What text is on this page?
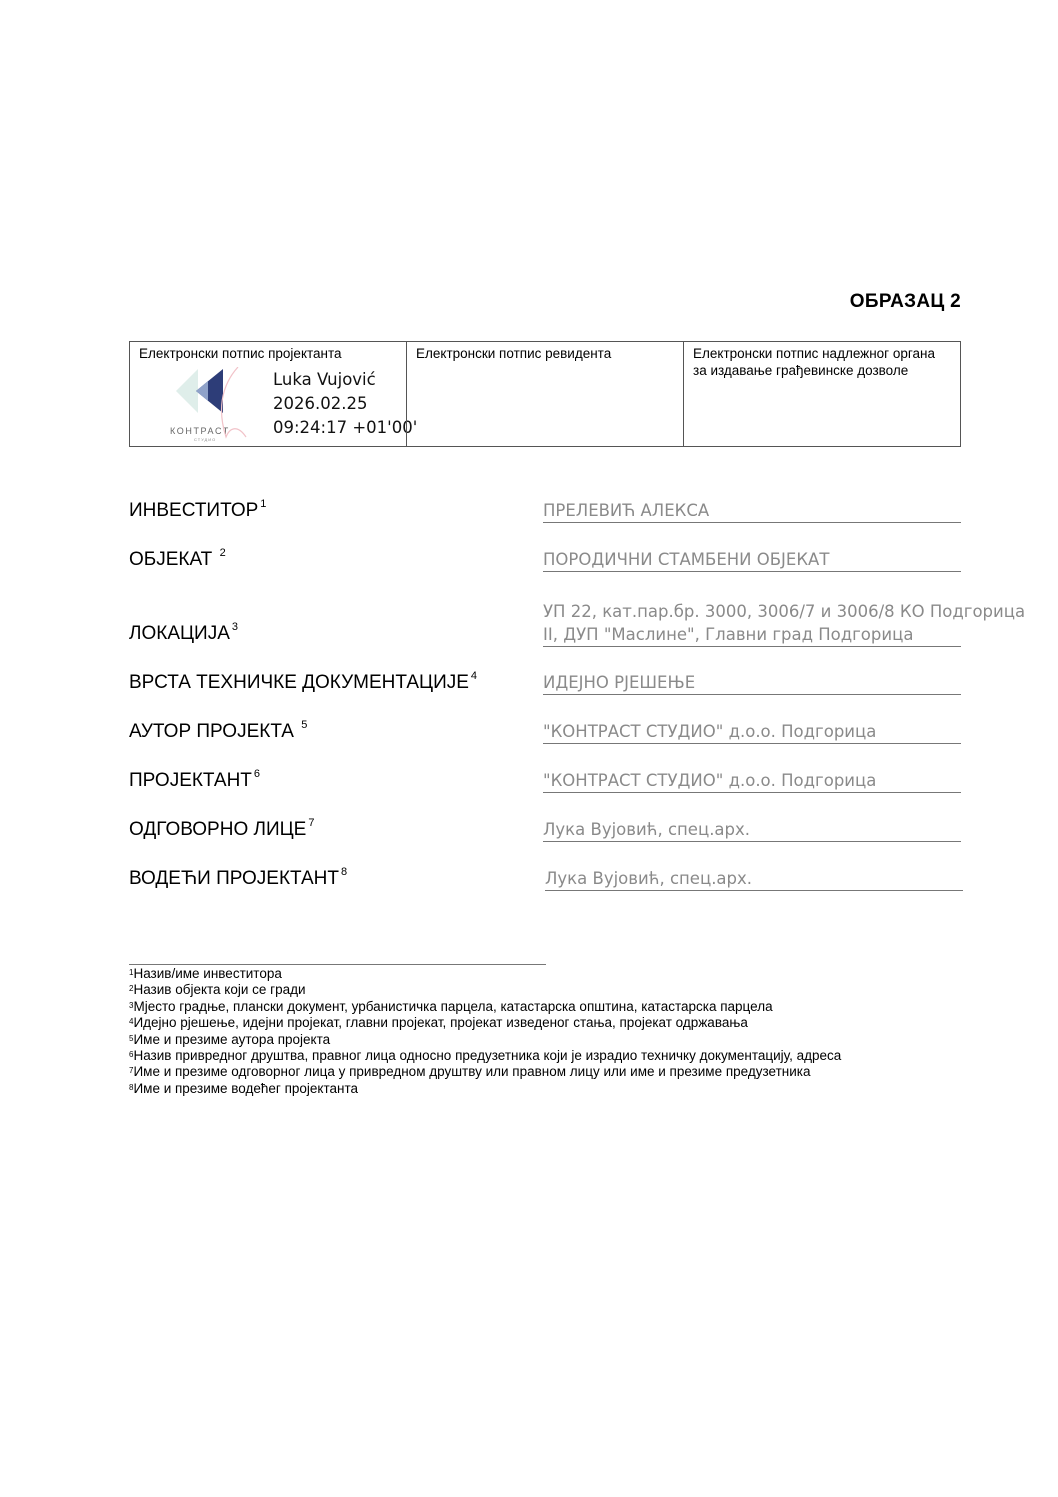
ОБРАЗАЦ 2
Електронски потпис пројектанта
КОНТРАСТ
СТУДИО
Luka Vujović
2026.02.25
09:24:17 +01'00'
Електронски потпис ревидента	Електронски потпис надлежног органа за издавање грађевинске дозволе
ИНВЕСТИТОР $^1$	ПРЕЛЕВИЋ АЛЕКСА
ОБЈЕКАТ $^2$	ПОРОДИЧНИ СТАМБЕНИ ОБЈЕКАТ
ЛОКАЦИЈА $^3$
УП 22, кат.пар.бр. 3000, 3006/7 и 3006/8 КО Подгорица II, ДУП "Маслине", Главни град Подгорица
ВРСТА ТЕХНИЧКЕ ДОКУМЕНТАЦИЈЕ $^4$	ИДЕЈНО РЈЕШЕЊЕ
АУТОР ПРОЈЕКТА $^5$	"КОНТРАСТ СТУДИО" д.о.о. Подгорица
ПРОЈЕКТАНТ $^6$	"КОНТРАСТ СТУДИО" д.о.о. Подгорица
ОДГОВОРНО ЛИЦЕ $^7$	Лука Вујовић, спец.арх.
ВОДЕЋИ ПРОЈЕКТАНТ $^8$	Лука Вујовић, спец.арх.
$^1$Назив/име инвеститора
$^2$Назив објекта који се гради
$^3$Мјесто градње, плански документ, урбанистичка парцела, катастарска општина, катастарска парцела
$^4$Идејно рјешење, идејни пројекат, главни пројекат, пројекат изведеног стања, пројекат одржавања
$^5$Име и презиме аутора пројекта
$^6$Назив привредног друштва, правног лица односно предузетника који је израдио техничку документацију, адреса
$^7$Име и презиме одговорног лица у привредном друштву или правном лицу или име и презиме предузетника
$^8$Име и презиме водећег пројектанта
